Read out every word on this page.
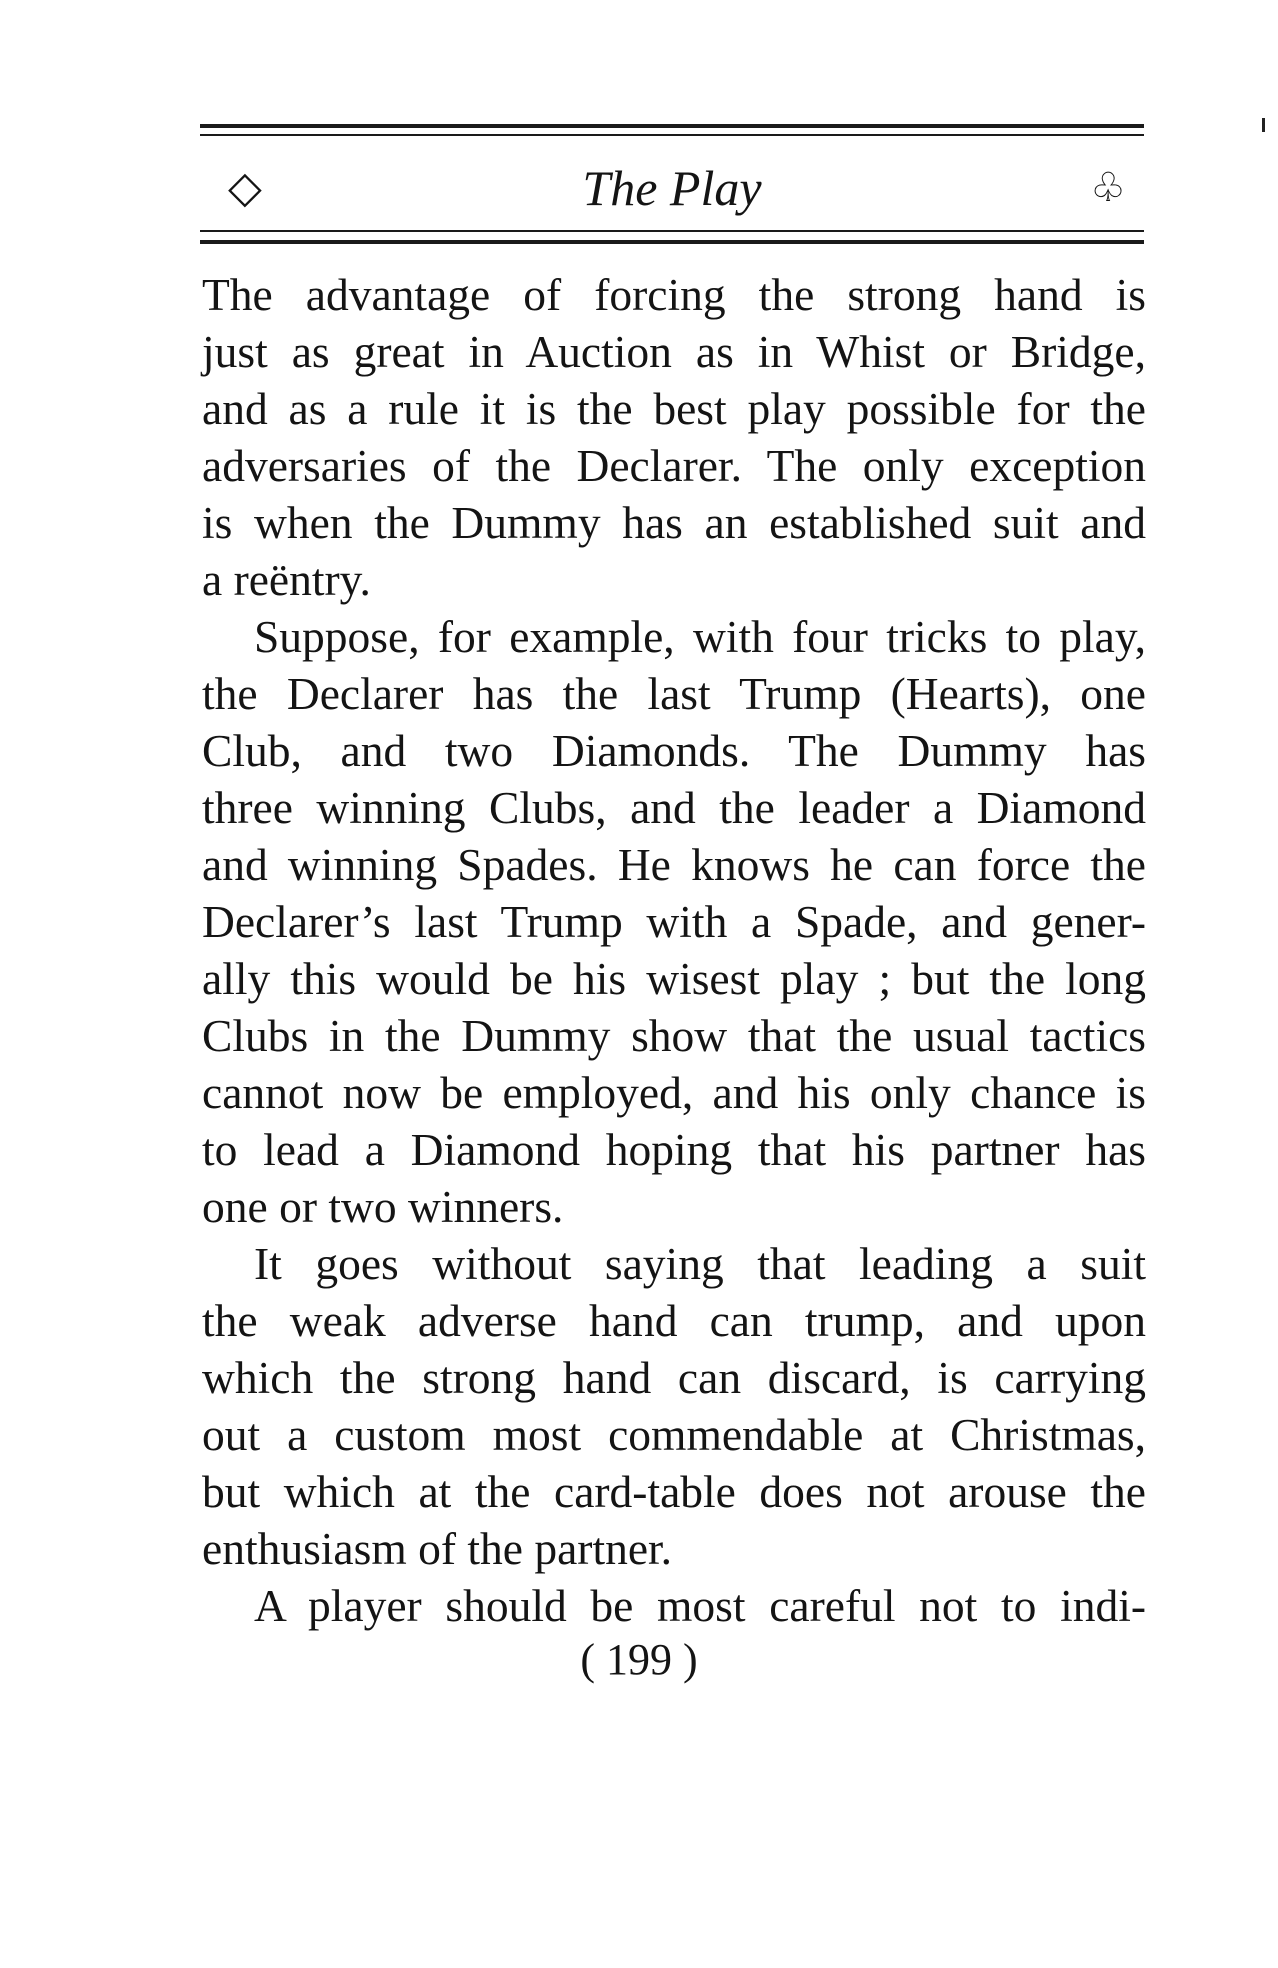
◇	The Play	♧

The advantage of forcing the strong hand is
just as great in Auction as in Whist or Bridge,
and as a rule it is the best play possible for the
adversaries of the Declarer. The only exception
is when the Dummy has an established suit and
a reëntry.

Suppose, for example, with four tricks to play,
the Declarer has the last Trump (Hearts), one
Club, and two Diamonds. The Dummy has
three winning Clubs, and the leader a Diamond
and winning Spades. He knows he can force the
Declarer’s last Trump with a Spade, and gener-
ally this would be his wisest play ; but the long
Clubs in the Dummy show that the usual tactics
cannot now be employed, and his only chance is
to lead a Diamond hoping that his partner has
one or two winners.

It goes without saying that leading a suit
the weak adverse hand can trump, and upon
which the strong hand can discard, is carrying
out a custom most commendable at Christmas,
but which at the card-table does not arouse the
enthusiasm of the partner.

A player should be most careful not to indi-

( 199 )
